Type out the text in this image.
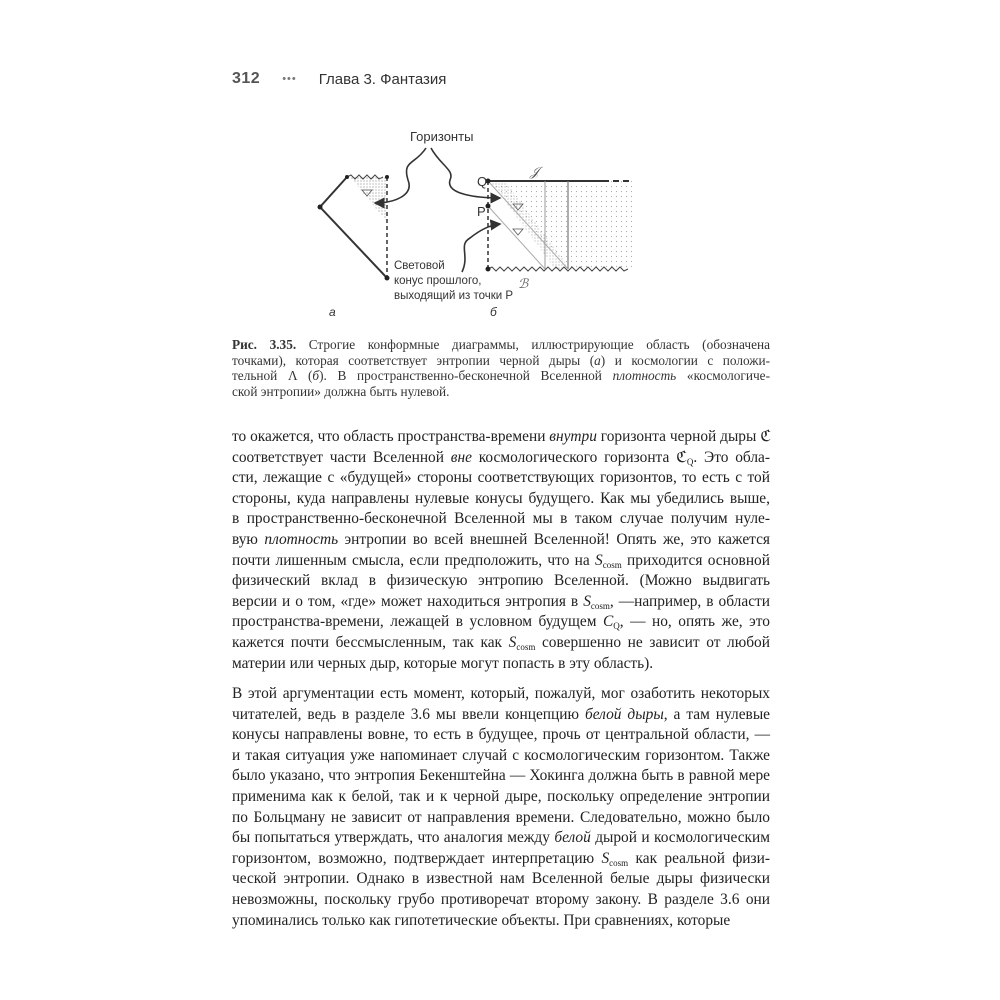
312 ••• Глава 3. Фантазия
Горизонты
Q
P
𝒥
ℬ
Световой
конус прошлого,
выходящий из точки P
а	б
Рис. 3.35. Строгие конформные диаграммы, иллюстрирующие область (обозначена
точками), которая соответствует энтропии черной дыры (а) и космологии с положи-
тельной Λ (б). В пространственно-бесконечной Вселенной плотность «космологиче-
ской энтропии» должна быть нулевой.
то окажется, что область пространства-времени внутри горизонта черной дыры ℭ
соответствует части Вселенной вне космологического горизонта ℭ$_Q$. Это обла-
сти, лежащие с «будущей» стороны соответствующих горизонтов, то есть с той
стороны, куда направлены нулевые конусы будущего. Как мы убедились выше,
в пространственно-бесконечной Вселенной мы в таком случае получим нуле-
вую плотность энтропии во всей внешней Вселенной! Опять же, это кажется
почти лишенным смысла, если предположить, что на $S_{cosm}$ приходится основной
физический вклад в физическую энтропию Вселенной. (Можно выдвигать
версии и о том, «где» может находиться энтропия в $S_{cosm}$, —например, в области
пространства-времени, лежащей в условном будущем $C_Q$, — но, опять же, это
кажется почти бессмысленным, так как $S_{cosm}$ совершенно не зависит от любой
материи или черных дыр, которые могут попасть в эту область).
В этой аргументации есть момент, который, пожалуй, мог озаботить некоторых
читателей, ведь в разделе 3.6 мы ввели концепцию белой дыры, а там нулевые
конусы направлены вовне, то есть в будущее, прочь от центральной области, —
и такая ситуация уже напоминает случай с космологическим горизонтом. Также
было указано, что энтропия Бекенштейна — Хокинга должна быть в равной мере
применима как к белой, так и к черной дыре, поскольку определение энтропии
по Больцману не зависит от направления времени. Следовательно, можно было
бы попытаться утверждать, что аналогия между белой дырой и космологическим
горизонтом, возможно, подтверждает интерпретацию $S_{cosm}$ как реальной физи-
ческой энтропии. Однако в известной нам Вселенной белые дыры физически
невозможны, поскольку грубо противоречат второму закону. В разделе 3.6 они
упоминались только как гипотетические объекты. При сравнениях, которые
